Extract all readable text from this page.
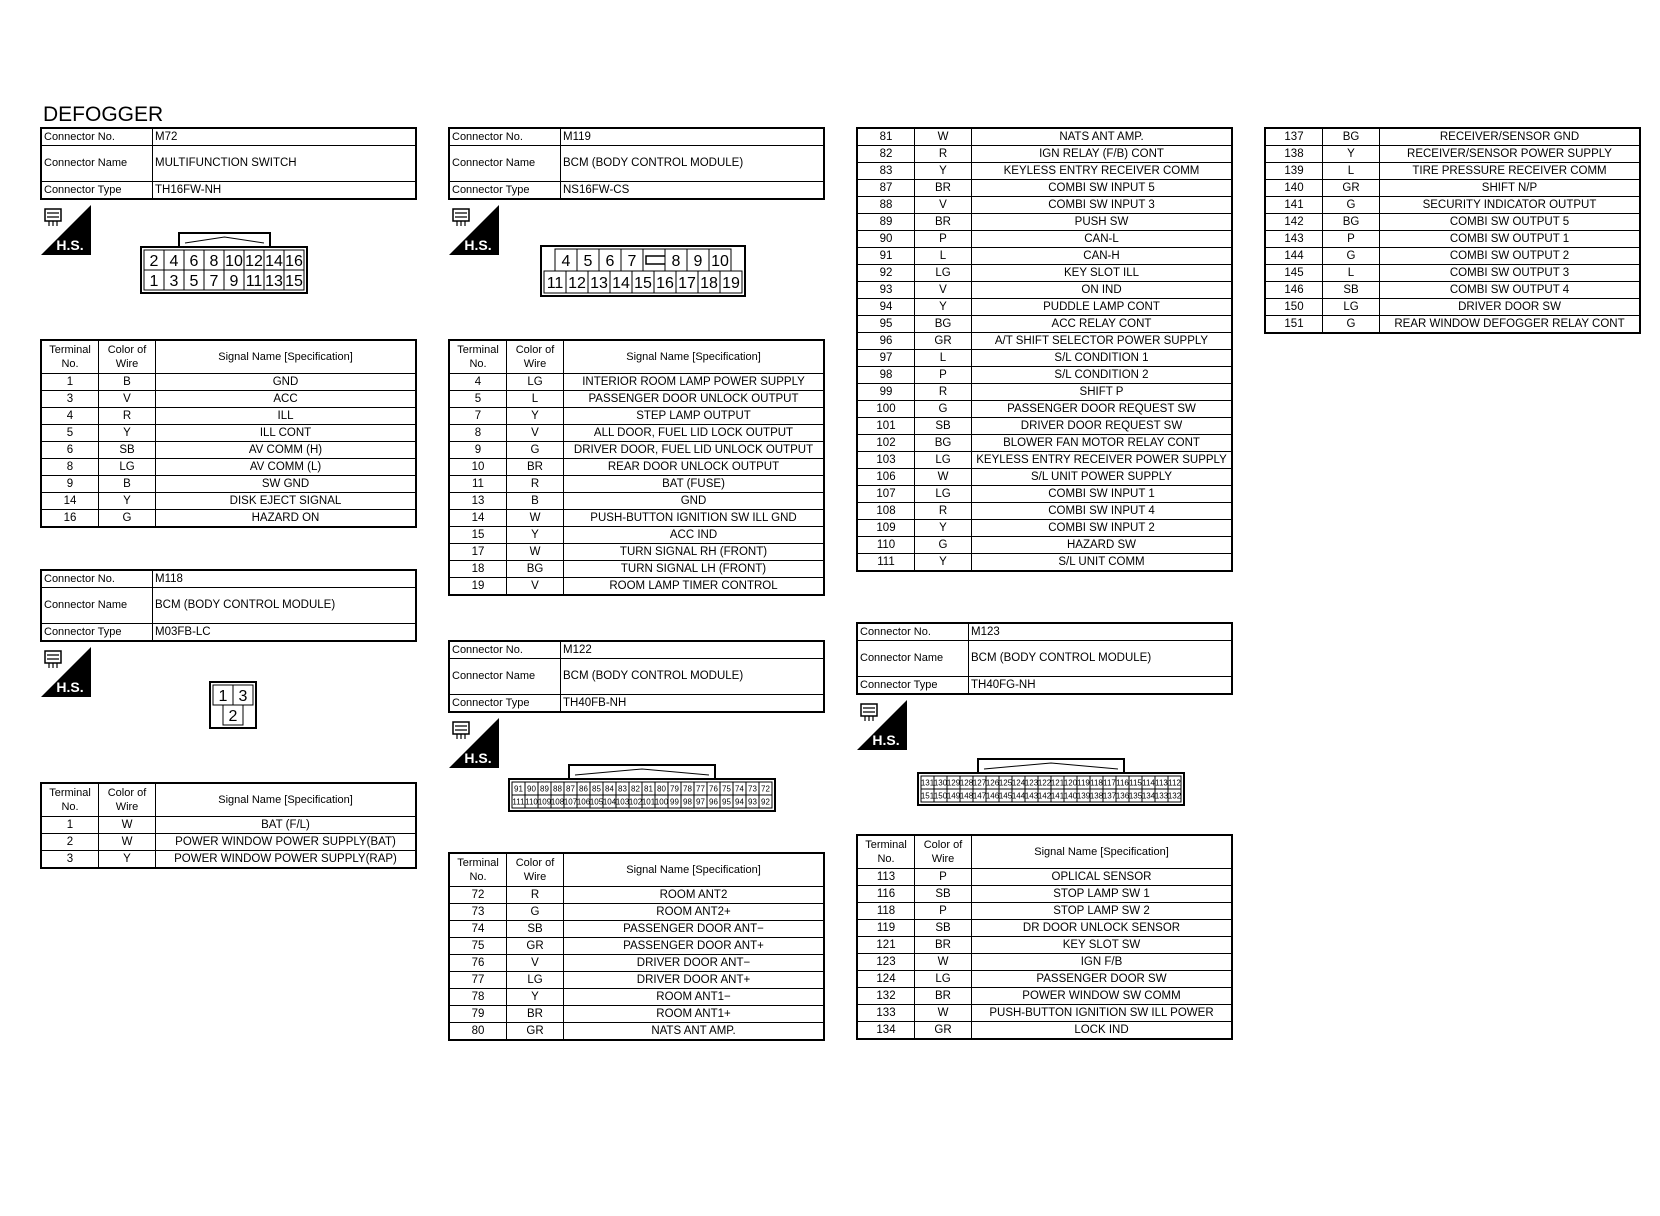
DEFOGGER
Connector No.	M72
Connector Name	MULTIFUNCTION SWITCH
Connector Type	TH16FW-NH
H.S.
2 4 6 8 10 12 14 16
1 3 5 7 9 11 13 15
Terminal No.	Color of Wire	Signal Name [Specification]
1	B	GND
3	V	ACC
4	R	ILL
5	Y	ILL CONT
6	SB	AV COMM (H)
8	LG	AV COMM (L)
9	B	SW GND
14	Y	DISK EJECT SIGNAL
16	G	HAZARD ON
Connector No.	M118
Connector Name	BCM (BODY CONTROL MODULE)
Connector Type	M03FB-LC
H.S.
1 3
2
Terminal No.	Color of Wire	Signal Name [Specification]
1	W	BAT (F/L)
2	W	POWER WINDOW POWER SUPPLY(BAT)
3	Y	POWER WINDOW POWER SUPPLY(RAP)
Connector No.	M119
Connector Name	BCM (BODY CONTROL MODULE)
Connector Type	NS16FW-CS
H.S.
4 5 6 7 8 9 10
11 12 13 14 15 16 17 18 19
Terminal No.	Color of Wire	Signal Name [Specification]
4	LG	INTERIOR ROOM LAMP POWER SUPPLY
5	L	PASSENGER DOOR UNLOCK OUTPUT
7	Y	STEP LAMP OUTPUT
8	V	ALL DOOR, FUEL LID LOCK OUTPUT
9	G	DRIVER DOOR, FUEL LID UNLOCK OUTPUT
10	BR	REAR DOOR UNLOCK OUTPUT
11	R	BAT (FUSE)
13	B	GND
14	W	PUSH-BUTTON IGNITION SW ILL GND
15	Y	ACC IND
17	W	TURN SIGNAL RH (FRONT)
18	BG	TURN SIGNAL LH (FRONT)
19	V	ROOM LAMP TIMER CONTROL
Connector No.	M122
Connector Name	BCM (BODY CONTROL MODULE)
Connector Type	TH40FB-NH
H.S.
91 90 89 88 87 86 85 84 83 82 81 80 79 78 77 76 75 74 73 72
111 110 109 108 107 106 105 104 103 102 101 100 99 98 97 96 95 94 93 92
Terminal No.	Color of Wire	Signal Name [Specification]
72	R	ROOM ANT2
73	G	ROOM ANT2+
74	SB	PASSENGER DOOR ANT−
75	GR	PASSENGER DOOR ANT+
76	V	DRIVER DOOR ANT−
77	LG	DRIVER DOOR ANT+
78	Y	ROOM ANT1−
79	BR	ROOM ANT1+
80	GR	NATS ANT AMP.
81	W	NATS ANT AMP.
82	R	IGN RELAY (F/B) CONT
83	Y	KEYLESS ENTRY RECEIVER COMM
87	BR	COMBI SW INPUT 5
88	V	COMBI SW INPUT 3
89	BR	PUSH SW
90	P	CAN-L
91	L	CAN-H
92	LG	KEY SLOT ILL
93	V	ON IND
94	Y	PUDDLE LAMP CONT
95	BG	ACC RELAY CONT
96	GR	A/T SHIFT SELECTOR POWER SUPPLY
97	L	S/L CONDITION 1
98	P	S/L CONDITION 2
99	R	SHIFT P
100	G	PASSENGER DOOR REQUEST SW
101	SB	DRIVER DOOR REQUEST SW
102	BG	BLOWER FAN MOTOR RELAY CONT
103	LG	KEYLESS ENTRY RECEIVER POWER SUPPLY
106	W	S/L UNIT POWER SUPPLY
107	LG	COMBI SW INPUT 1
108	R	COMBI SW INPUT 4
109	Y	COMBI SW INPUT 2
110	G	HAZARD SW
111	Y	S/L UNIT COMM
Connector No.	M123
Connector Name	BCM (BODY CONTROL MODULE)
Connector Type	TH40FG-NH
H.S.
131 130 129 128 127 126 125 124 123 122 121 120 119 118 117 116 115 114 113 112
151 150 149 148 147 146 145 144 143 142 141 140 139 138 137 136 135 134 133 132
Terminal No.	Color of Wire	Signal Name [Specification]
113	P	OPLICAL SENSOR
116	SB	STOP LAMP SW 1
118	P	STOP LAMP SW 2
119	SB	DR DOOR UNLOCK SENSOR
121	BR	KEY SLOT SW
123	W	IGN F/B
124	LG	PASSENGER DOOR SW
132	BR	POWER WINDOW SW COMM
133	W	PUSH-BUTTON IGNITION SW ILL POWER
134	GR	LOCK IND
137	BG	RECEIVER/SENSOR GND
138	Y	RECEIVER/SENSOR POWER SUPPLY
139	L	TIRE PRESSURE RECEIVER COMM
140	GR	SHIFT N/P
141	G	SECURITY INDICATOR OUTPUT
142	BG	COMBI SW OUTPUT 5
143	P	COMBI SW OUTPUT 1
144	G	COMBI SW OUTPUT 2
145	L	COMBI SW OUTPUT 3
146	SB	COMBI SW OUTPUT 4
150	LG	DRIVER DOOR SW
151	G	REAR WINDOW DEFOGGER RELAY CONT
